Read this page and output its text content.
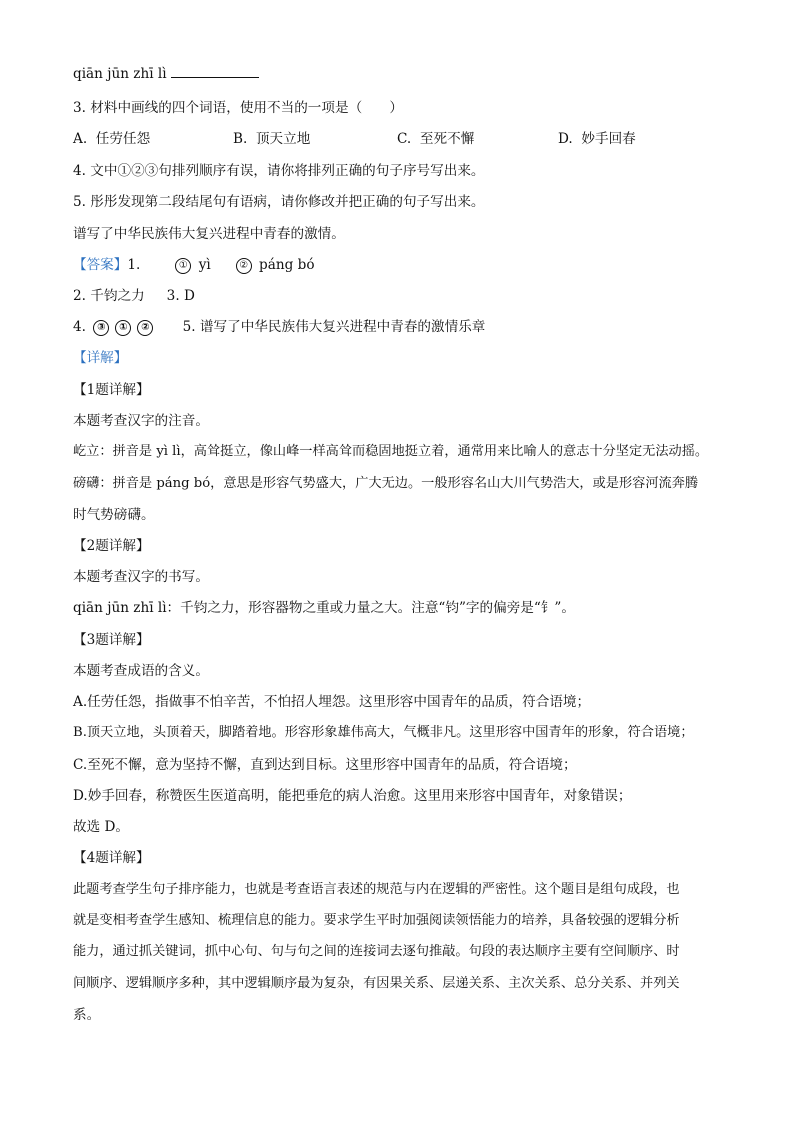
qiān jūn zhī lì
3. 材料中画线的四个词语，使用不当的一项是（　　）
A. 任劳任怨	B. 顶天立地	C. 至死不懈	D. 妙手回春
4. 文中①②③句排列顺序有误，请你将排列正确的句子序号写出来。
5. 彤彤发现第二段结尾句有语病，请你修改并把正确的句子写出来。
谱写了中华民族伟大复兴进程中青春的激情。
【答案】1.	① yì	② páng bó
2. 千钧之力 3. D
4. ③ ① ② 5. 谱写了中华民族伟大复兴进程中青春的激情乐章
【详解】
【1题详解】
本题考查汉字的注音。
屹立：拼音是 yì lì，高耸挺立，像山峰一样高耸而稳固地挺立着，通常用来比喻人的意志十分坚定无法动摇。
磅礴：拼音是 páng bó，意思是形容气势盛大，广大无边。一般形容名山大川气势浩大，或是形容河流奔腾
时气势磅礴。
【2题详解】
本题考查汉字的书写。
qiān jūn zhī lì：千钧之力，形容器物之重或力量之大。注意“钧”字的偏旁是“钅”。
【3题详解】
本题考查成语的含义。
A.任劳任怨，指做事不怕辛苦，不怕招人埋怨。这里形容中国青年的品质，符合语境；
B.顶天立地，头顶着天，脚踏着地。形容形象雄伟高大，气概非凡。这里形容中国青年的形象，符合语境；
C.至死不懈，意为坚持不懈，直到达到目标。这里形容中国青年的品质，符合语境；
D.妙手回春，称赞医生医道高明，能把垂危的病人治愈。这里用来形容中国青年，对象错误；
故选 D。
【4题详解】
此题考查学生句子排序能力，也就是考查语言表述的规范与内在逻辑的严密性。这个题目是组句成段，也
就是变相考查学生感知、梳理信息的能力。要求学生平时加强阅读领悟能力的培养，具备较强的逻辑分析
能力，通过抓关键词，抓中心句、句与句之间的连接词去逐句推敲。句段的表达顺序主要有空间顺序、时
间顺序、逻辑顺序多种，其中逻辑顺序最为复杂，有因果关系、层递关系、主次关系、总分关系、并列关
系。
